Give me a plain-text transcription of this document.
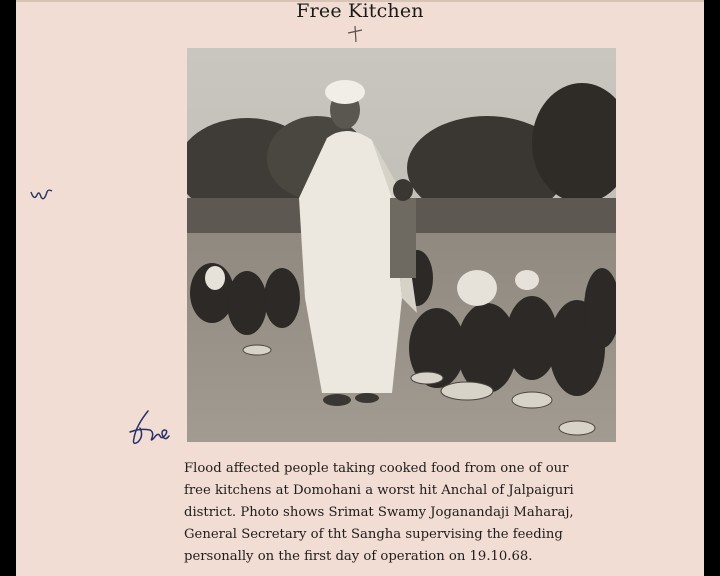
Free Kitchen
Flood affected people taking cooked food from one of our
free kitchens at Domohani a worst hit Anchal of Jalpaiguri
district. Photo shows Srimat Swamy Joganandaji Maharaj,
General Secretary of tht Sangha supervising the feeding
personally on the first day of operation on 19.10.68.
